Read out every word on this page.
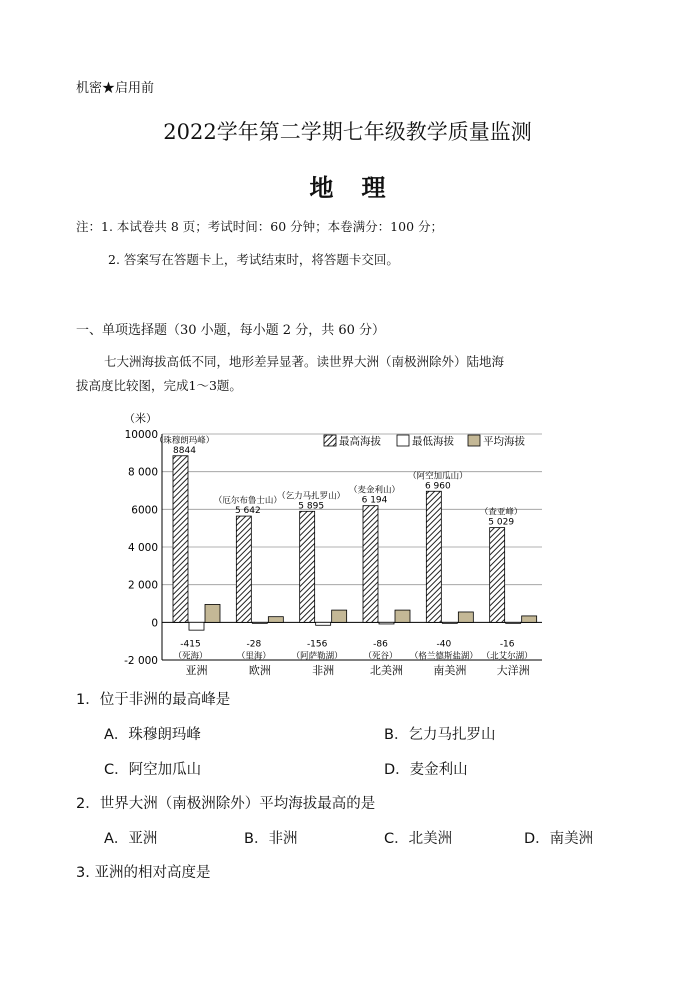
机密★启用前
2022学年第二学期七年级教学质量监测
地理
注：1. 本试卷共 8 页；考试时间：60 分钟；本卷满分：100 分；
2. 答案写在答题卡上，考试结束时，将答题卡交回。
一、单项选择题（30 小题，每小题 2 分，共 60 分）
七大洲海拔高低不同，地形差异显著。读世界大洲（南极洲除外）陆地海
拔高度比较图，完成1～3题。
（米）
10000
8 000
6000
4 000
2 000
0
-2 000
亚洲
8844
（珠穆朗玛峰）
-415
（死海）
欧洲
5 642
（厄尔布鲁士山）
-28
（里海）
非洲
5 895
（乞力马扎罗山）
-156
（阿萨勒湖）
北美洲
6 194
（麦金利山）
-86
（死谷）
南美洲
6 960
（阿空加瓜山）
-40
（格兰德斯盐湖）
大洋洲
5 029
（查亚峰）
-16
（北艾尔湖）
最高海拔	最低海拔	平均海拔
1．位于非洲的最高峰是
A．珠穆朗玛峰	B．乞力马扎罗山
C．阿空加瓜山	D．麦金利山
2．世界大洲（南极洲除外）平均海拔最高的是
A．亚洲	B．非洲	C．北美洲	D．南美洲
3. 亚洲的相对高度是
